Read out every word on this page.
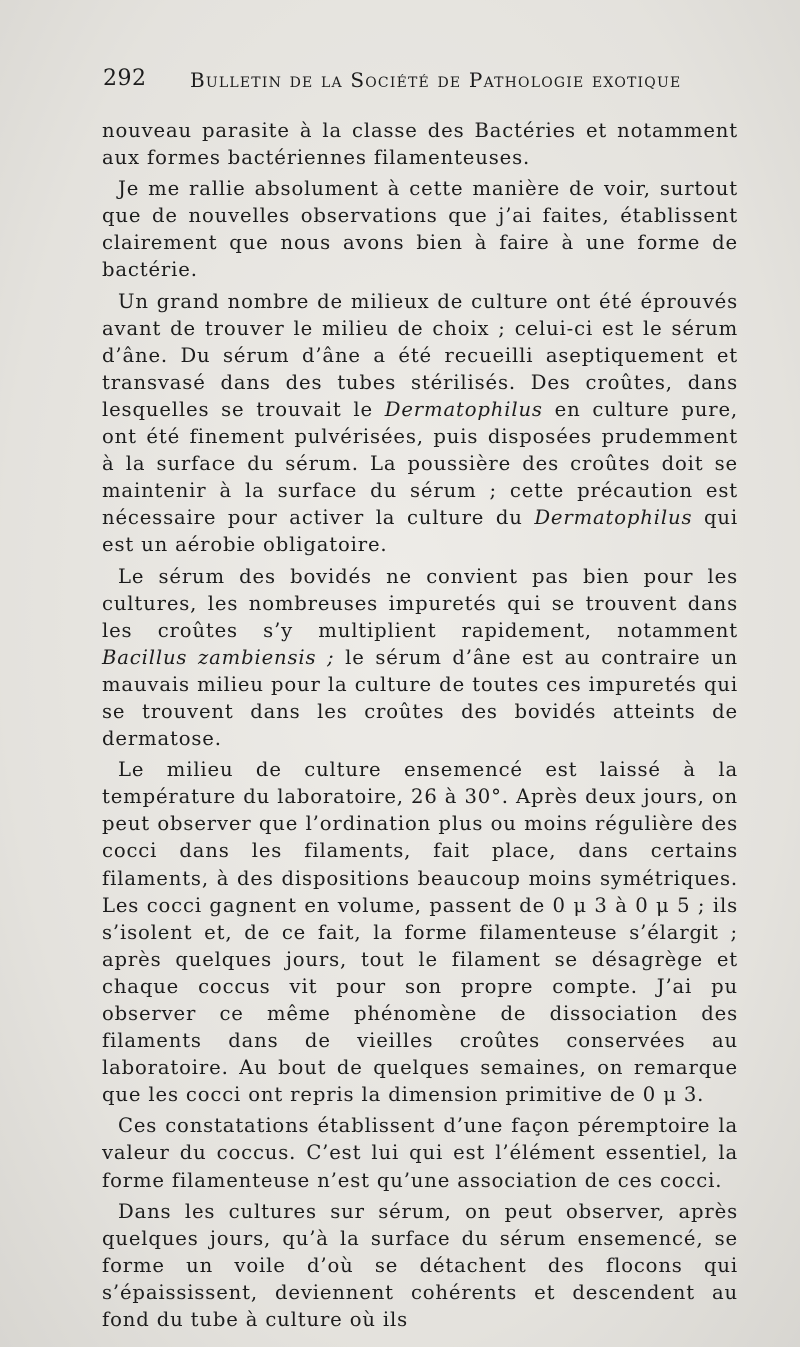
292 Bulletin de la Société de Pathologie exotique

nouveau parasite à la classe des Bactéries et notamment aux formes bactériennes filamenteuses.

Je me rallie absolument à cette manière de voir, surtout que de nouvelles observations que j’ai faites, établissent clairement que nous avons bien à faire à une forme de bactérie.

Un grand nombre de milieux de culture ont été éprouvés avant de trouver le milieu de choix ; celui-ci est le sérum d’âne. Du sérum d’âne a été recueilli aseptiquement et transvasé dans des tubes stérilisés. Des croûtes, dans lesquelles se trouvait le Dermatophilus en culture pure, ont été finement pulvérisées, puis disposées prudemment à la surface du sérum. La poussière des croûtes doit se maintenir à la surface du sérum ; cette précaution est nécessaire pour activer la culture du Dermatophilus qui est un aérobie obligatoire.

Le sérum des bovidés ne convient pas bien pour les cultures, les nombreuses impuretés qui se trouvent dans les croûtes s’y multiplient rapidement, notamment Bacillus zambiensis ; le sérum d’âne est au contraire un mauvais milieu pour la culture de toutes ces impuretés qui se trouvent dans les croûtes des bovidés atteints de dermatose.

Le milieu de culture ensemencé est laissé à la température du laboratoire, 26 à 30°. Après deux jours, on peut observer que l’ordination plus ou moins régulière des cocci dans les filaments, fait place, dans certains filaments, à des dispositions beaucoup moins symétriques. Les cocci gagnent en volume, passent de 0 μ 3 à 0 μ 5 ; ils s’isolent et, de ce fait, la forme filamenteuse s’élargit ; après quelques jours, tout le filament se désagrège et chaque coccus vit pour son propre compte. J’ai pu observer ce même phénomène de dissociation des filaments dans de vieilles croûtes conservées au laboratoire. Au bout de quelques semaines, on remarque que les cocci ont repris la dimension primitive de 0 μ 3.

Ces constatations établissent d’une façon péremptoire la valeur du coccus. C’est lui qui est l’élément essentiel, la forme filamenteuse n’est qu’une association de ces cocci.

Dans les cultures sur sérum, on peut observer, après quelques jours, qu’à la surface du sérum ensemencé, se forme un voile d’où se détachent des flocons qui s’épaississent, deviennent cohérents et descendent au fond du tube à culture où ils
